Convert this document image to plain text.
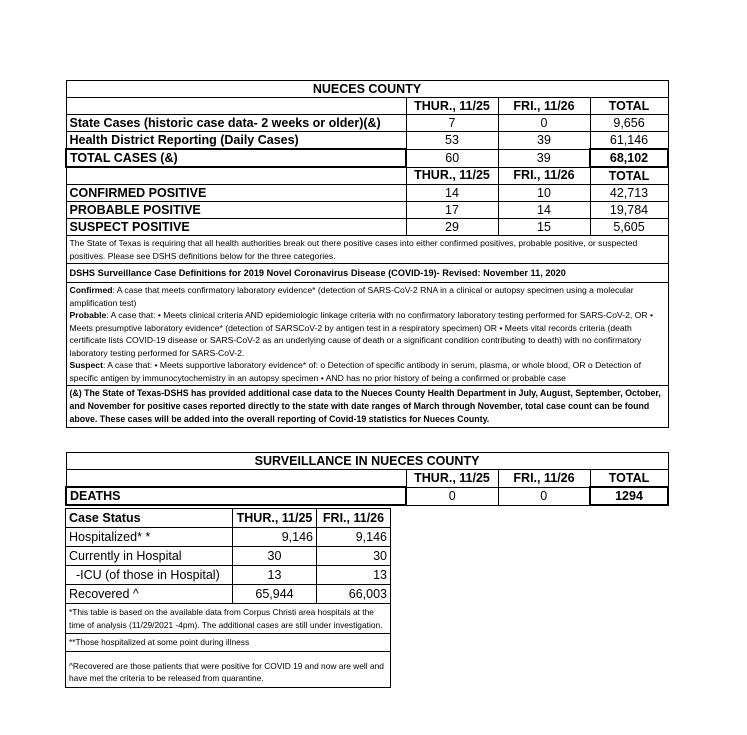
NUECES COUNTY			
	THUR., 11/25	FRI., 11/26	TOTAL
State Cases (historic case data- 2 weeks or older)(&)	7	0	9,656
Health District Reporting (Daily Cases)	53	39	61,146
TOTAL CASES (&)	60	39	68,102
	THUR., 11/25	FRI., 11/26	TOTAL
CONFIRMED POSITIVE	14	10	42,713
PROBABLE POSITIVE	17	14	19,784
SUSPECT POSITIVE	29	15	5,605
The State of Texas is requiring that all health authorities break out there positive cases into either confirmed positives, probable positive, or suspected positives. Please see DSHS definitions below for the three categories.			
DSHS Surveillance Case Definitions for 2019 Novel Coronavirus Disease (COVID-19)- Revised: November 11, 2020			

Confirmed: A case that meets confirmatory laboratory evidence* (detection of SARS-CoV-2 RNA in a clinical or autopsy specimen using a molecular amplification test)
Probable: A case that: • Meets clinical criteria AND epidemiologic linkage criteria with no confirmatory laboratory testing performed for SARS-CoV-2, OR • Meets presumptive laboratory evidence* (detection of SARSCoV-2 by antigen test in a respiratory specimen) OR • Meets vital records criteria (death certificate lists COVID-19 disease or SARS-CoV-2 as an underlying cause of death or a significant condition contributing to death) with no confirmatory laboratory testing performed for SARS-CoV-2.
Suspect: A case that: • Meets supportive laboratory evidence* of: o Detection of specific antibody in serum, plasma, or whole blood, OR o Detection of specific antigen by immunocytochemistry in an autopsy specimen • AND has no prior history of being a confirmed or probable case			

(&) The State of Texas-DSHS has provided additional case data to the Nueces County Health Department in July, August, September, October, and November for positive cases reported directly to the state with date ranges of March through November, total case count can be found above. These cases will be added into the overall reporting of Covid-19 statistics for Nueces County.			
SURVEILLANCE IN NUECES COUNTY			
	THUR., 11/25	FRI., 11/26	TOTAL
DEATHS	0	0	1294
Case Status	THUR., 11/25	FRI., 11/26
Hospitalized* *	9,146	9,146
Currently in Hospital	30	30
-ICU (of those in Hospital)	13	13
Recovered ^	65,944	66,003
*This table is based on the available data from Corpus Christi area hospitals at the time of analysis (11/29/2021 -4pm). The additional cases are still under investigation.		
**Those hospitalized at some point during illness		
^Recovered are those patients that were positive for COVID 19 and now are well and have met the criteria to be released from quarantine.		
